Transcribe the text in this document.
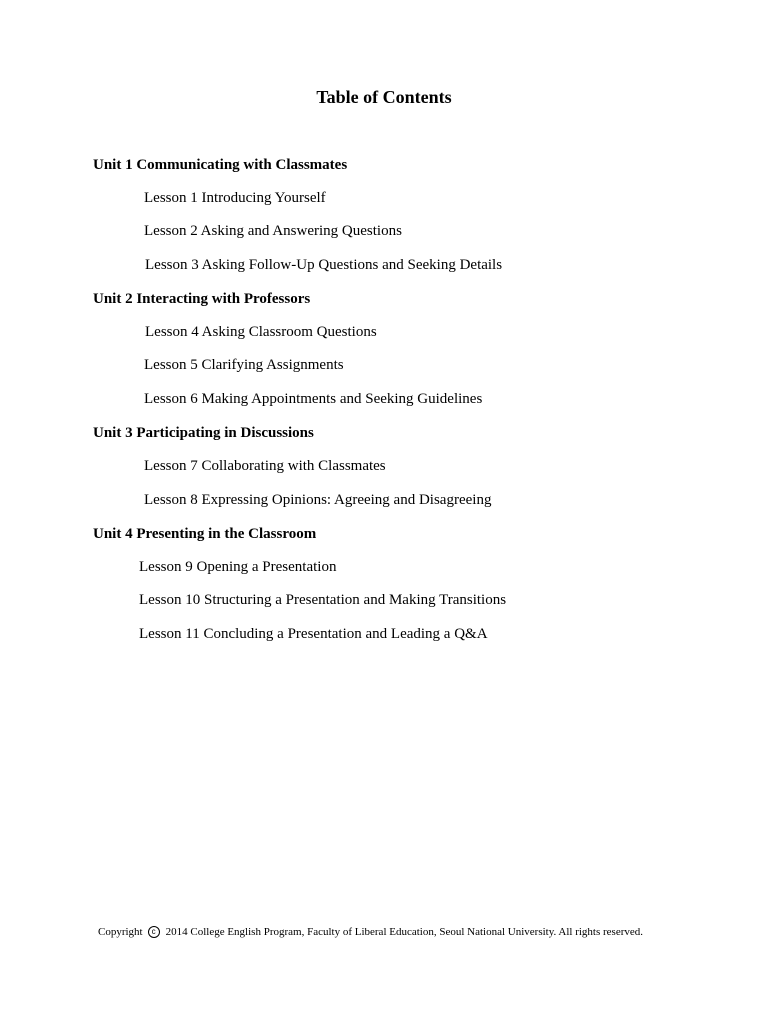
Table of Contents
Unit 1 Communicating with Classmates
Lesson 1 Introducing Yourself
Lesson 2 Asking and Answering Questions
Lesson 3 Asking Follow-Up Questions and Seeking Details
Unit 2 Interacting with Professors
Lesson 4 Asking Classroom Questions
Lesson 5 Clarifying Assignments
Lesson 6 Making Appointments and Seeking Guidelines
Unit 3 Participating in Discussions
Lesson 7 Collaborating with Classmates
Lesson 8 Expressing Opinions: Agreeing and Disagreeing
Unit 4 Presenting in the Classroom
Lesson 9 Opening a Presentation
Lesson 10 Structuring a Presentation and Making Transitions
Lesson 11 Concluding a Presentation and Leading a Q&A
Copyright	c 2014 College English Program, Faculty of Liberal Education, Seoul National University. All rights reserved.
